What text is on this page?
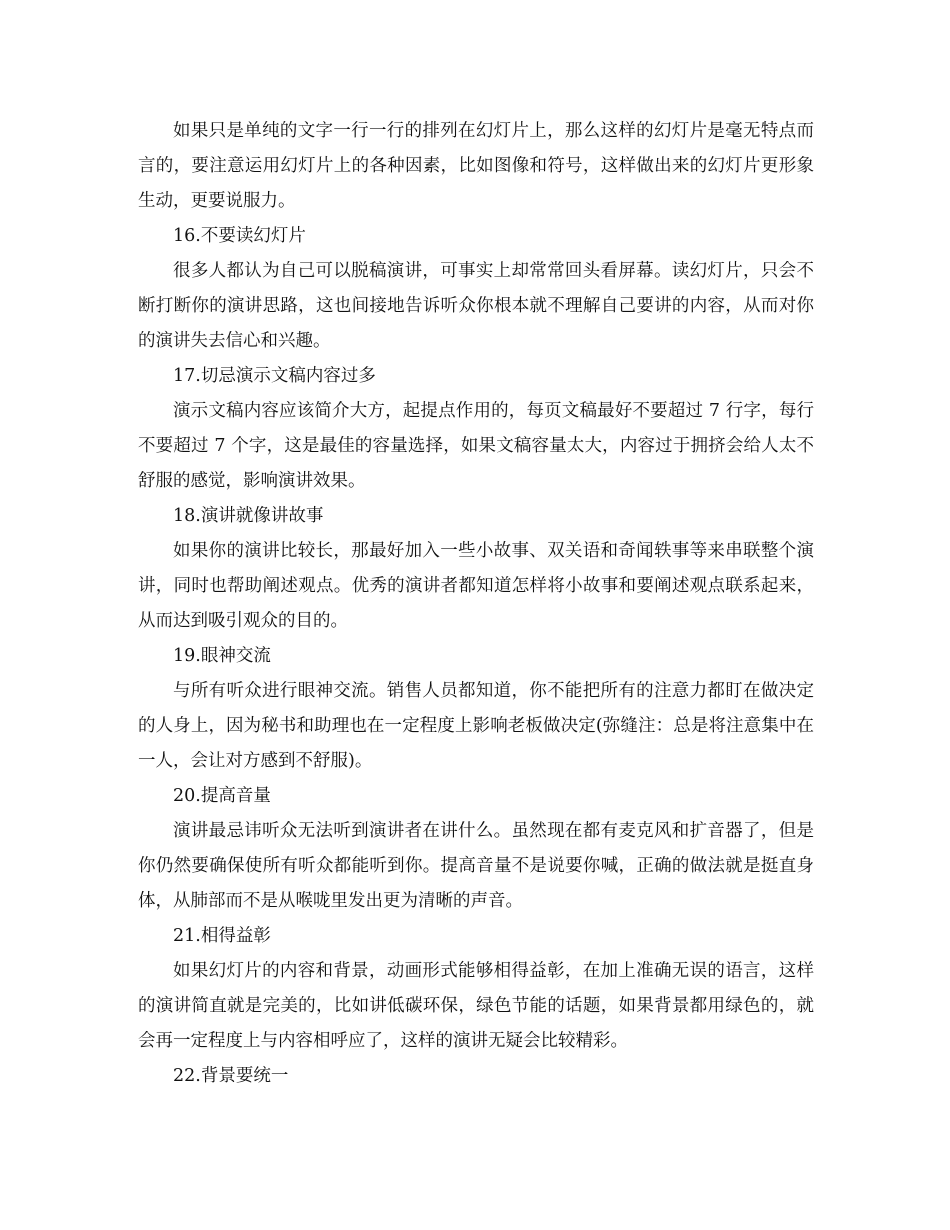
如果只是单纯的文字一行一行的排列在幻灯片上，那么这样的幻灯片是毫无特点而言的，要注意运用幻灯片上的各种因素，比如图像和符号，这样做出来的幻灯片更形象生动，更要说服力。

16.不要读幻灯片

很多人都认为自己可以脱稿演讲，可事实上却常常回头看屏幕。读幻灯片，只会不断打断你的演讲思路，这也间接地告诉听众你根本就不理解自己要讲的内容，从而对你的演讲失去信心和兴趣。

17.切忌演示文稿内容过多

演示文稿内容应该简介大方，起提点作用的，每页文稿最好不要超过 7 行字，每行不要超过 7 个字，这是最佳的容量选择，如果文稿容量太大，内容过于拥挤会给人太不舒服的感觉，影响演讲效果。

18.演讲就像讲故事

如果你的演讲比较长，那最好加入一些小故事、双关语和奇闻轶事等来串联整个演讲，同时也帮助阐述观点。优秀的演讲者都知道怎样将小故事和要阐述观点联系起来，从而达到吸引观众的目的。

19.眼神交流

与所有听众进行眼神交流。销售人员都知道，你不能把所有的注意力都盯在做决定的人身上，因为秘书和助理也在一定程度上影响老板做决定(弥缝注：总是将注意集中在一人，会让对方感到不舒服)。

20.提高音量

演讲最忌讳听众无法听到演讲者在讲什么。虽然现在都有麦克风和扩音器了，但是你仍然要确保使所有听众都能听到你。提高音量不是说要你喊，正确的做法就是挺直身体，从肺部而不是从喉咙里发出更为清晰的声音。

21.相得益彰

如果幻灯片的内容和背景，动画形式能够相得益彰，在加上准确无误的语言，这样的演讲简直就是完美的，比如讲低碳环保，绿色节能的话题，如果背景都用绿色的，就会再一定程度上与内容相呼应了，这样的演讲无疑会比较精彩。

22.背景要统一
